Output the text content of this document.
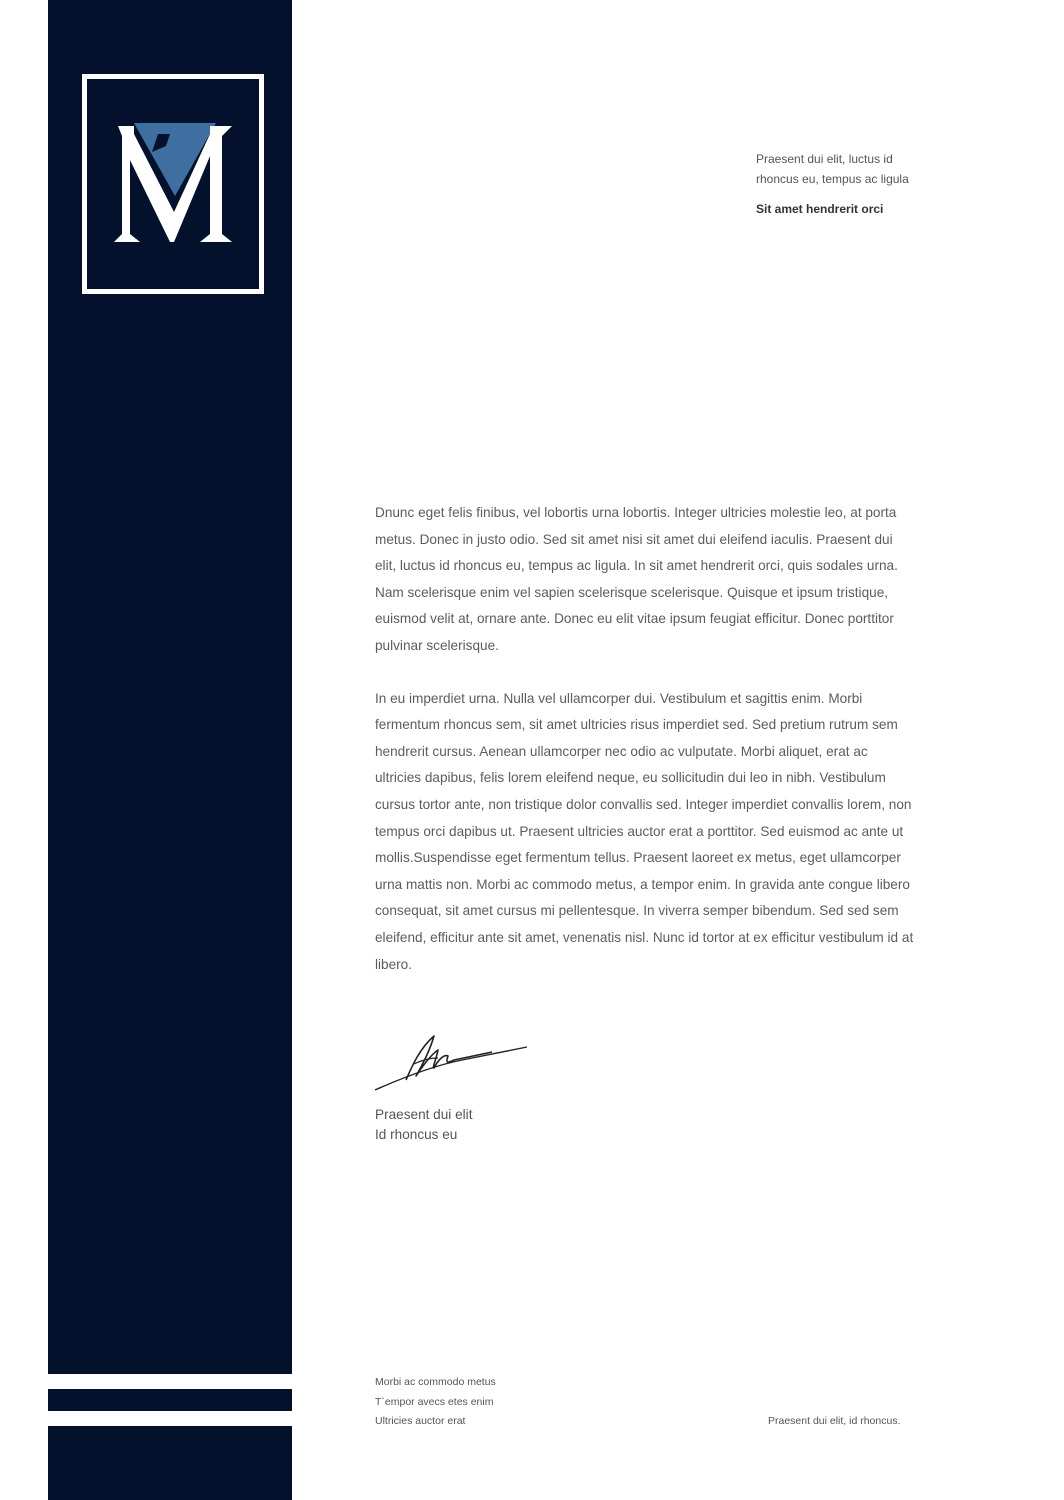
Praesent dui elit, luctus id
rhoncus eu, tempus ac ligula
Sit amet hendrerit orci

Dnunc eget felis finibus, vel lobortis urna lobortis. Integer ultricies molestie leo, at porta metus. Donec in justo odio. Sed sit amet nisi sit amet dui eleifend iaculis. Praesent dui elit, luctus id rhoncus eu, tempus ac ligula. In sit amet hendrerit orci, quis sodales urna. Nam scelerisque enim vel sapien scelerisque scelerisque. Quisque et ipsum tristique, euismod velit at, ornare ante. Donec eu elit vitae ipsum feugiat efficitur. Donec porttitor pulvinar scelerisque.

In eu imperdiet urna. Nulla vel ullamcorper dui. Vestibulum et sagittis enim. Morbi fermentum rhoncus sem, sit amet ultricies risus imperdiet sed. Sed pretium rutrum sem hendrerit cursus. Aenean ullamcorper nec odio ac vulputate. Morbi aliquet, erat ac ultricies dapibus, felis lorem eleifend neque, eu sollicitudin dui leo in nibh. Vestibulum cursus tortor ante, non tristique dolor convallis sed. Integer imperdiet convallis lorem, non tempus orci dapibus ut. Praesent ultricies auctor erat a porttitor. Sed euismod ac ante ut mollis.Suspendisse eget fermentum tellus. Praesent laoreet ex metus, eget ullamcorper urna mattis non. Morbi ac commodo metus, a tempor enim. In gravida ante congue libero consequat, sit amet cursus mi pellentesque. In viverra semper bibendum. Sed sed sem eleifend, efficitur ante sit amet, venenatis nisl. Nunc id tortor at ex efficitur vestibulum id at libero.

Praesent dui elit
Id rhoncus eu
Morbi ac commodo metus
T`empor avecs etes enim
Ultricies auctor erat	Praesent dui elit, id rhoncus.
